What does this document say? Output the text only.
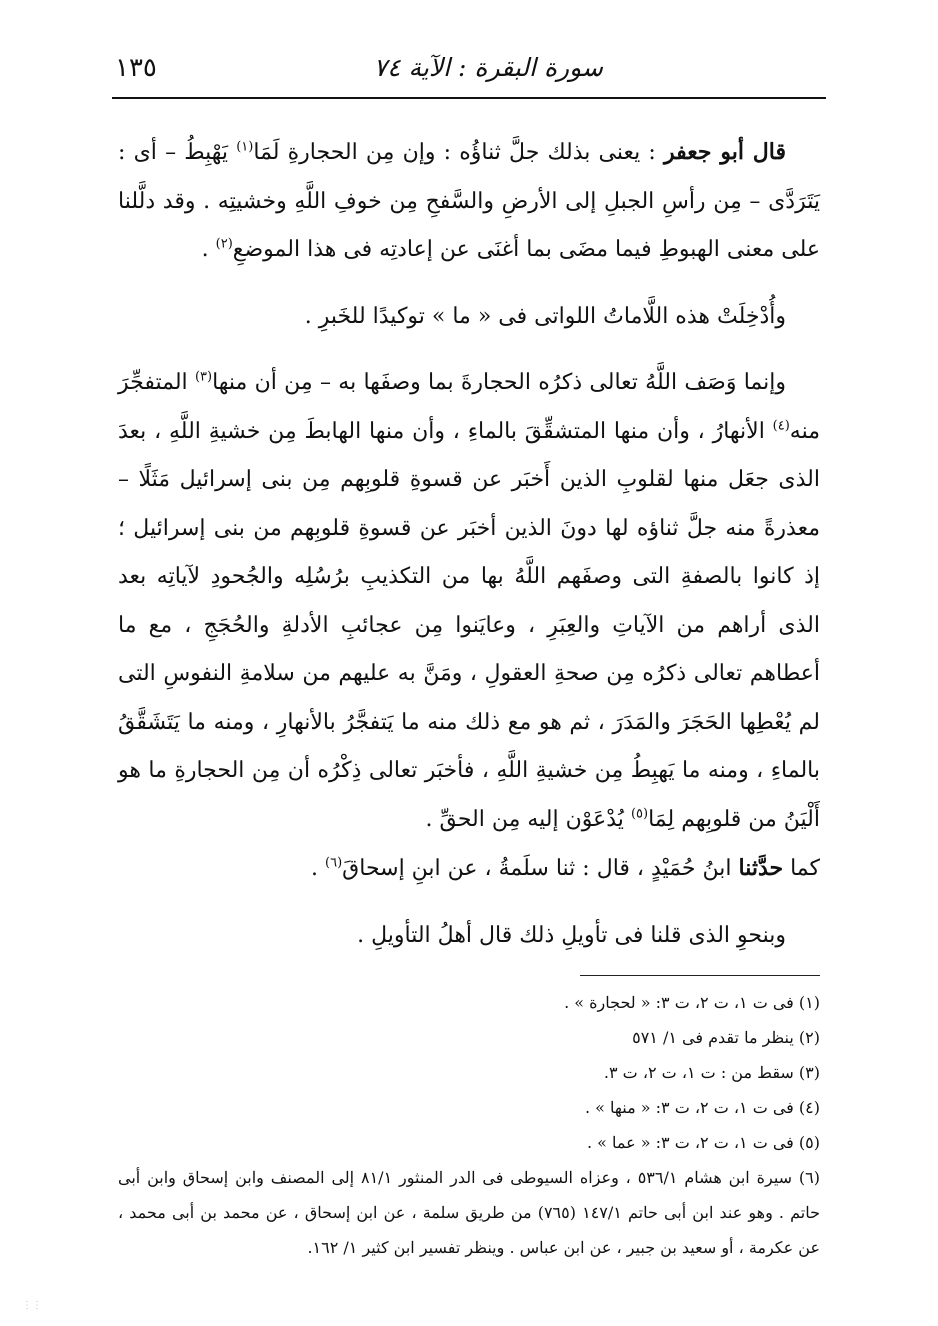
١٣٥	سورة البقرة : الآية ٧٤

قال أبو جعفر : يعنى بذلك جلَّ ثناؤُه : وإن مِن الحجارةِ لَمَا$^{(١)}$ يَهْبِطُ – أى : يَتَرَدَّى – مِن رأسِ الجبلِ إلى الأرضِ والسَّفحِ مِن خوفِ اللَّهِ وخشيتِه . وقد دلَّلنا على معنى الهبوطِ فيما مضَى بما أغنَى عن إعادتِه فى هذا الموضعِ$^{(٢)}$ .

وأُدْخِلَتْ هذه اللَّاماتُ اللواتى فى « ما » توكيدًا للخَبرِ .

وإنما وَصَف اللَّهُ تعالى ذكرُه الحجارةَ بما وصفَها به – مِن أن منها$^{(٣)}$ المتفجِّرَ منه$^{(٤)}$ الأنهارُ ، وأن منها المتشقِّقَ بالماءِ ، وأن منها الهابطَ مِن خشيةِ اللَّهِ ، بعدَ الذى جعَل منها لقلوبِ الذين أَخبَر عن قسوةِ قلوبِهم مِن بنى إسرائيل مَثَلًا – معذرةً منه جلَّ ثناؤه لها دونَ الذين أخبَر عن قسوةِ قلوبِهم من بنى إسرائيل ؛ إذ كانوا بالصفةِ التى وصفَهم اللَّهُ بها من التكذيبِ برُسُلِه والجُحودِ لآياتِه بعد الذى أراهم من الآياتِ والعِبَرِ ، وعايَنوا مِن عجائبِ الأدلةِ والحُجَجِ ، مع ما أعطاهم تعالى ذكرُه مِن صحةِ العقولِ ، ومَنَّ به عليهم من سلامةِ النفوسِ التى لم يُعْطِها الحَجَرَ والمَدَرَ ، ثم هو مع ذلك منه ما يَتفجَّرُ بالأنهارِ ، ومنه ما يَتَشَقَّقُ بالماءِ ، ومنه ما يَهبِطُ مِن خشيةِ اللَّهِ ، فأخبَر تعالى ذِكْرُه أن مِن الحجارةِ ما هو أَلْيَنُ من قلوبِهم لِمَا$^{(٥)}$ يُدْعَوْن إليه مِن الحقِّ .

كما حدَّثنا ابنُ حُمَيْدٍ ، قال : ثنا سلَمةُ ، عن ابنِ إسحاقَ$^{(٦)}$ .

وبنحوِ الذى قلنا فى تأويلِ ذلك قال أهلُ التأويلِ .

(١) فى ت ١، ت ٢، ت ٣: « لحجارة » .

(٢) ينظر ما تقدم فى ١/ ٥٧١

(٣) سقط من : ت ١، ت ٢، ت ٣.

(٤) فى ت ١، ت ٢، ت ٣: « منها » .

(٥) فى ت ١، ت ٢، ت ٣: « عما » .

(٦) سيرة ابن هشام ٥٣٦/١ ، وعزاه السيوطى فى الدر المنثور ٨١/١ إلى المصنف وابن إسحاق وابن أبى حاتم . وهو عند ابن أبى حاتم ١٤٧/١ (٧٦٥) من طريق سلمة ، عن ابن إسحاق ، عن محمد بن أبى محمد ، عن عكرمة ، أو سعيد بن جبير ، عن ابن عباس . وينظر تفسير ابن كثير ١/ ١٦٢.

⋮⋮
